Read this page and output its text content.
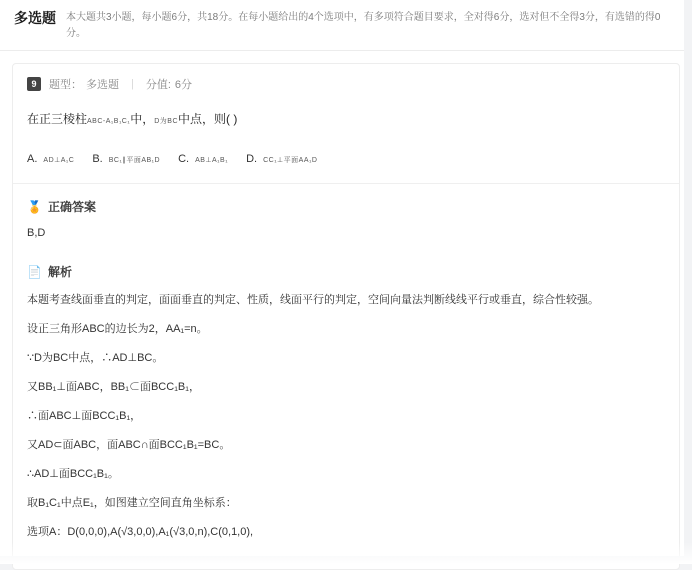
多选题 本大题共3小题，每小题6分，共18分。在每小题给出的4个选项中，有多项符合题目要求，全对得6分，选对但不全得3分，有选错的得0分。
9	题型： 多选题 | 分值: 6分
在正三棱柱ABC-A₁B₁C₁中，D为BC中点，则( )
A. AD⊥A₁C B. BC₁∥平面AB₁D C. AB⊥A₁B₁ D. CC₁⊥平面AA₁D
🏅 正确答案
B,D
📄 解析

本题考查线面垂直的判定，面面垂直的判定、性质，线面平行的判定，空间向量法判断线线平行或垂直，综合性较强。

设正三角形ABC的边长为2，AA₁=n。

∵D为BC中点，∴AD⊥BC。

又BB₁⊥面ABC，BB₁⊂面BCC₁B₁，

∴面ABC⊥面BCC₁B₁，

又AD⊂面ABC，面ABC∩面BCC₁B₁=BC。

∴AD⊥面BCC₁B₁。

取B₁C₁中点E₁，如图建立空间直角坐标系：

选项A：D(0,0,0),A(√3,0,0),A₁(√3,0,n),C(0,1,0),
